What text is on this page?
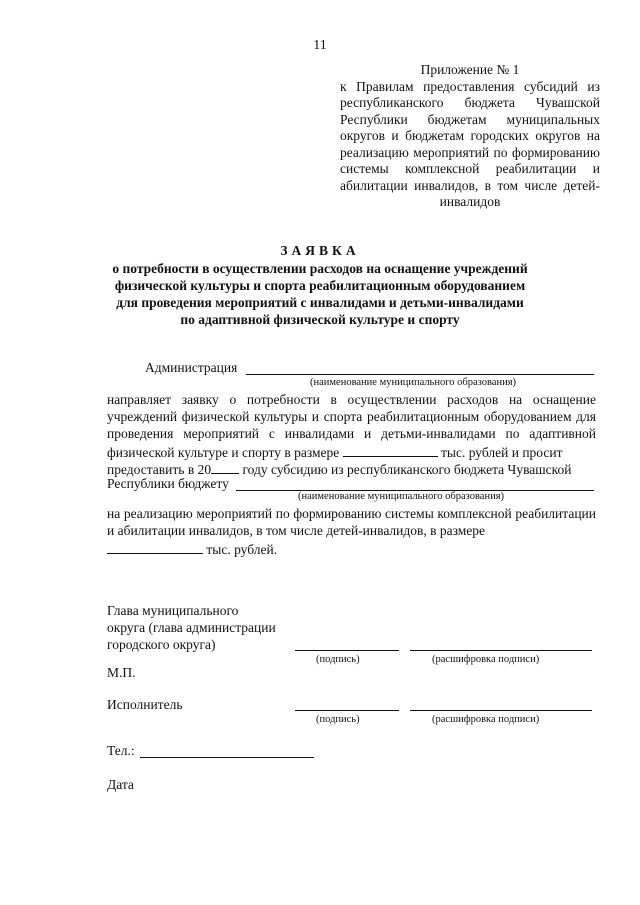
11
Приложение № 1
к Правилам предоставления субсидий из республиканского бюджета Чувашской Республики бюджетам муниципальных округов и бюджетам городских округов на реализацию мероприятий по формированию системы комплексной реабилитации и абилитации инвалидов, в том числе детей-инвалидов
ЗАЯВКА
о потребности в осуществлении расходов на оснащение учреждений
физической культуры и спорта реабилитационным оборудованием
для проведения мероприятий с инвалидами и детьми-инвалидами
по адаптивной физической культуре и спорту
Администрация
(наименование муниципального образования)
направляет заявку о потребности в осуществлении расходов на оснащение учреждений физической культуры и спорта реабилитационным оборудованием для проведения мероприятий с инвалидами и детьми-инвалидами по адаптивной физической культуре и спорту в размере	тыс. рублей и просит
предоставить в 20 году субсидию из республиканского бюджета Чувашской
Республики бюджету
(наименование муниципального образования)
на реализацию мероприятий по формированию системы комплексной реабилитации и абилитации инвалидов, в том числе детей-инвалидов, в размере
тыс. рублей.
Глава муниципального
округа (глава администрации
городского округа)
(подпись)	(расшифровка подписи)
М.П.
Исполнитель
(подпись)	(расшифровка подписи)
Тел.:
Дата
